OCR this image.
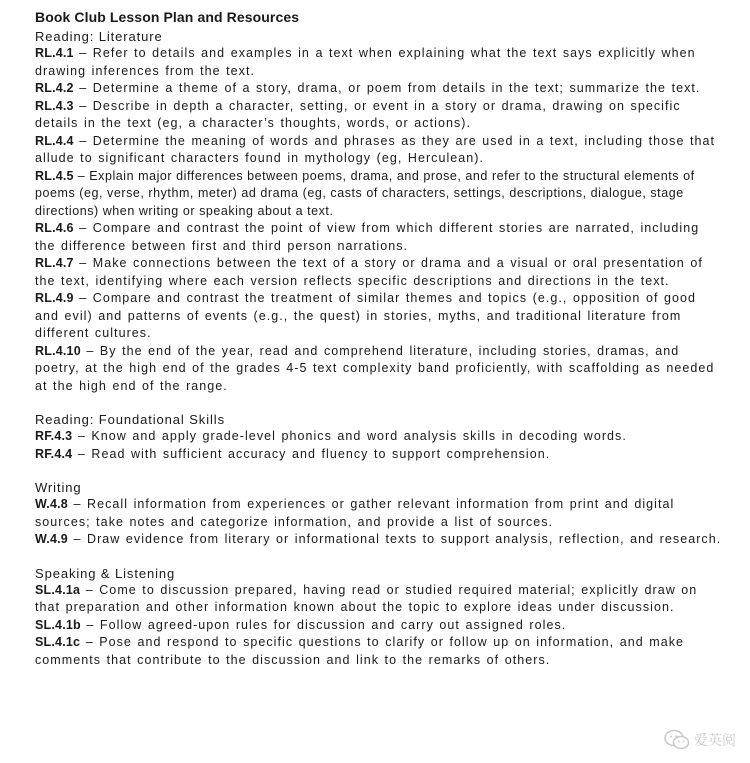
Book Club Lesson Plan and Resources
Reading: Literature
RL.4.1 – Refer to details and examples in a text when explaining what the text says explicitly when drawing inferences from the text.
RL.4.2 – Determine a theme of a story, drama, or poem from details in the text; summarize the text.
RL.4.3 – Describe in depth a character, setting, or event in a story or drama, drawing on specific details in the text (eg, a character’s thoughts, words, or actions).
RL.4.4 – Determine the meaning of words and phrases as they are used in a text, including those that allude to significant characters found in mythology (eg, Herculean).
RL.4.5 – Explain major differences between poems, drama, and prose, and refer to the structural elements of poems (eg, verse, rhythm, meter) ad drama (eg, casts of characters, settings, descriptions, dialogue, stage directions) when writing or speaking about a text.
RL.4.6 – Compare and contrast the point of view from which different stories are narrated, including the difference between first and third person narrations.
RL.4.7 – Make connections between the text of a story or drama and a visual or oral presentation of the text, identifying where each version reflects specific descriptions and directions in the text.
RL.4.9 – Compare and contrast the treatment of similar themes and topics (e.g., opposition of good and evil) and patterns of events (e.g., the quest) in stories, myths, and traditional literature from different cultures.
RL.4.10 – By the end of the year, read and comprehend literature, including stories, dramas, and poetry, at the high end of the grades 4-5 text complexity band proficiently, with scaffolding as needed at the high end of the range.
Reading: Foundational Skills
RF.4.3 – Know and apply grade-level phonics and word analysis skills in decoding words.
RF.4.4 – Read with sufficient accuracy and fluency to support comprehension.
Writing
W.4.8 – Recall information from experiences or gather relevant information from print and digital sources; take notes and categorize information, and provide a list of sources.
W.4.9 – Draw evidence from literary or informational texts to support analysis, reflection, and research.
Speaking & Listening
SL.4.1a – Come to discussion prepared, having read or studied required material; explicitly draw on that preparation and other information known about the topic to explore ideas under discussion.
SL.4.1b – Follow agreed-upon rules for discussion and carry out assigned roles.
SL.4.1c – Pose and respond to specific questions to clarify or follow up on information, and make comments that contribute to the discussion and link to the remarks of others.
爱英阅
